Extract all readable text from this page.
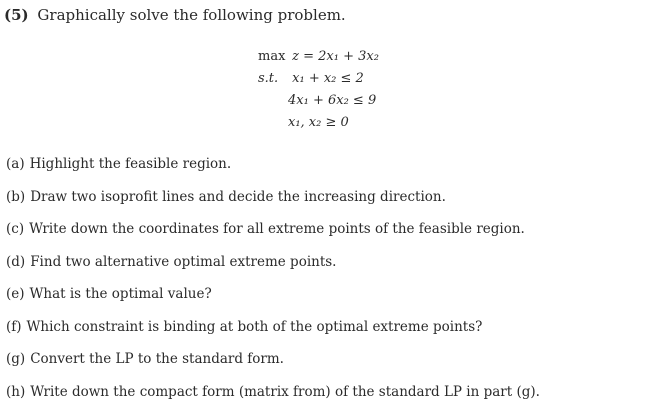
(5) Graphically solve the following problem.
max z = 2x₁ + 3x₂
s.t. x₁ + x₂ ≤ 2
4x₁ + 6x₂ ≤ 9
x₁, x₂ ≥ 0
(a) Highlight the feasible region.
(b) Draw two isoprofit lines and decide the increasing direction.
(c) Write down the coordinates for all extreme points of the feasible region.
(d) Find two alternative optimal extreme points.
(e) What is the optimal value?
(f) Which constraint is binding at both of the optimal extreme points?
(g) Convert the LP to the standard form.
(h) Write down the compact form (matrix from) of the standard LP in part (g).
